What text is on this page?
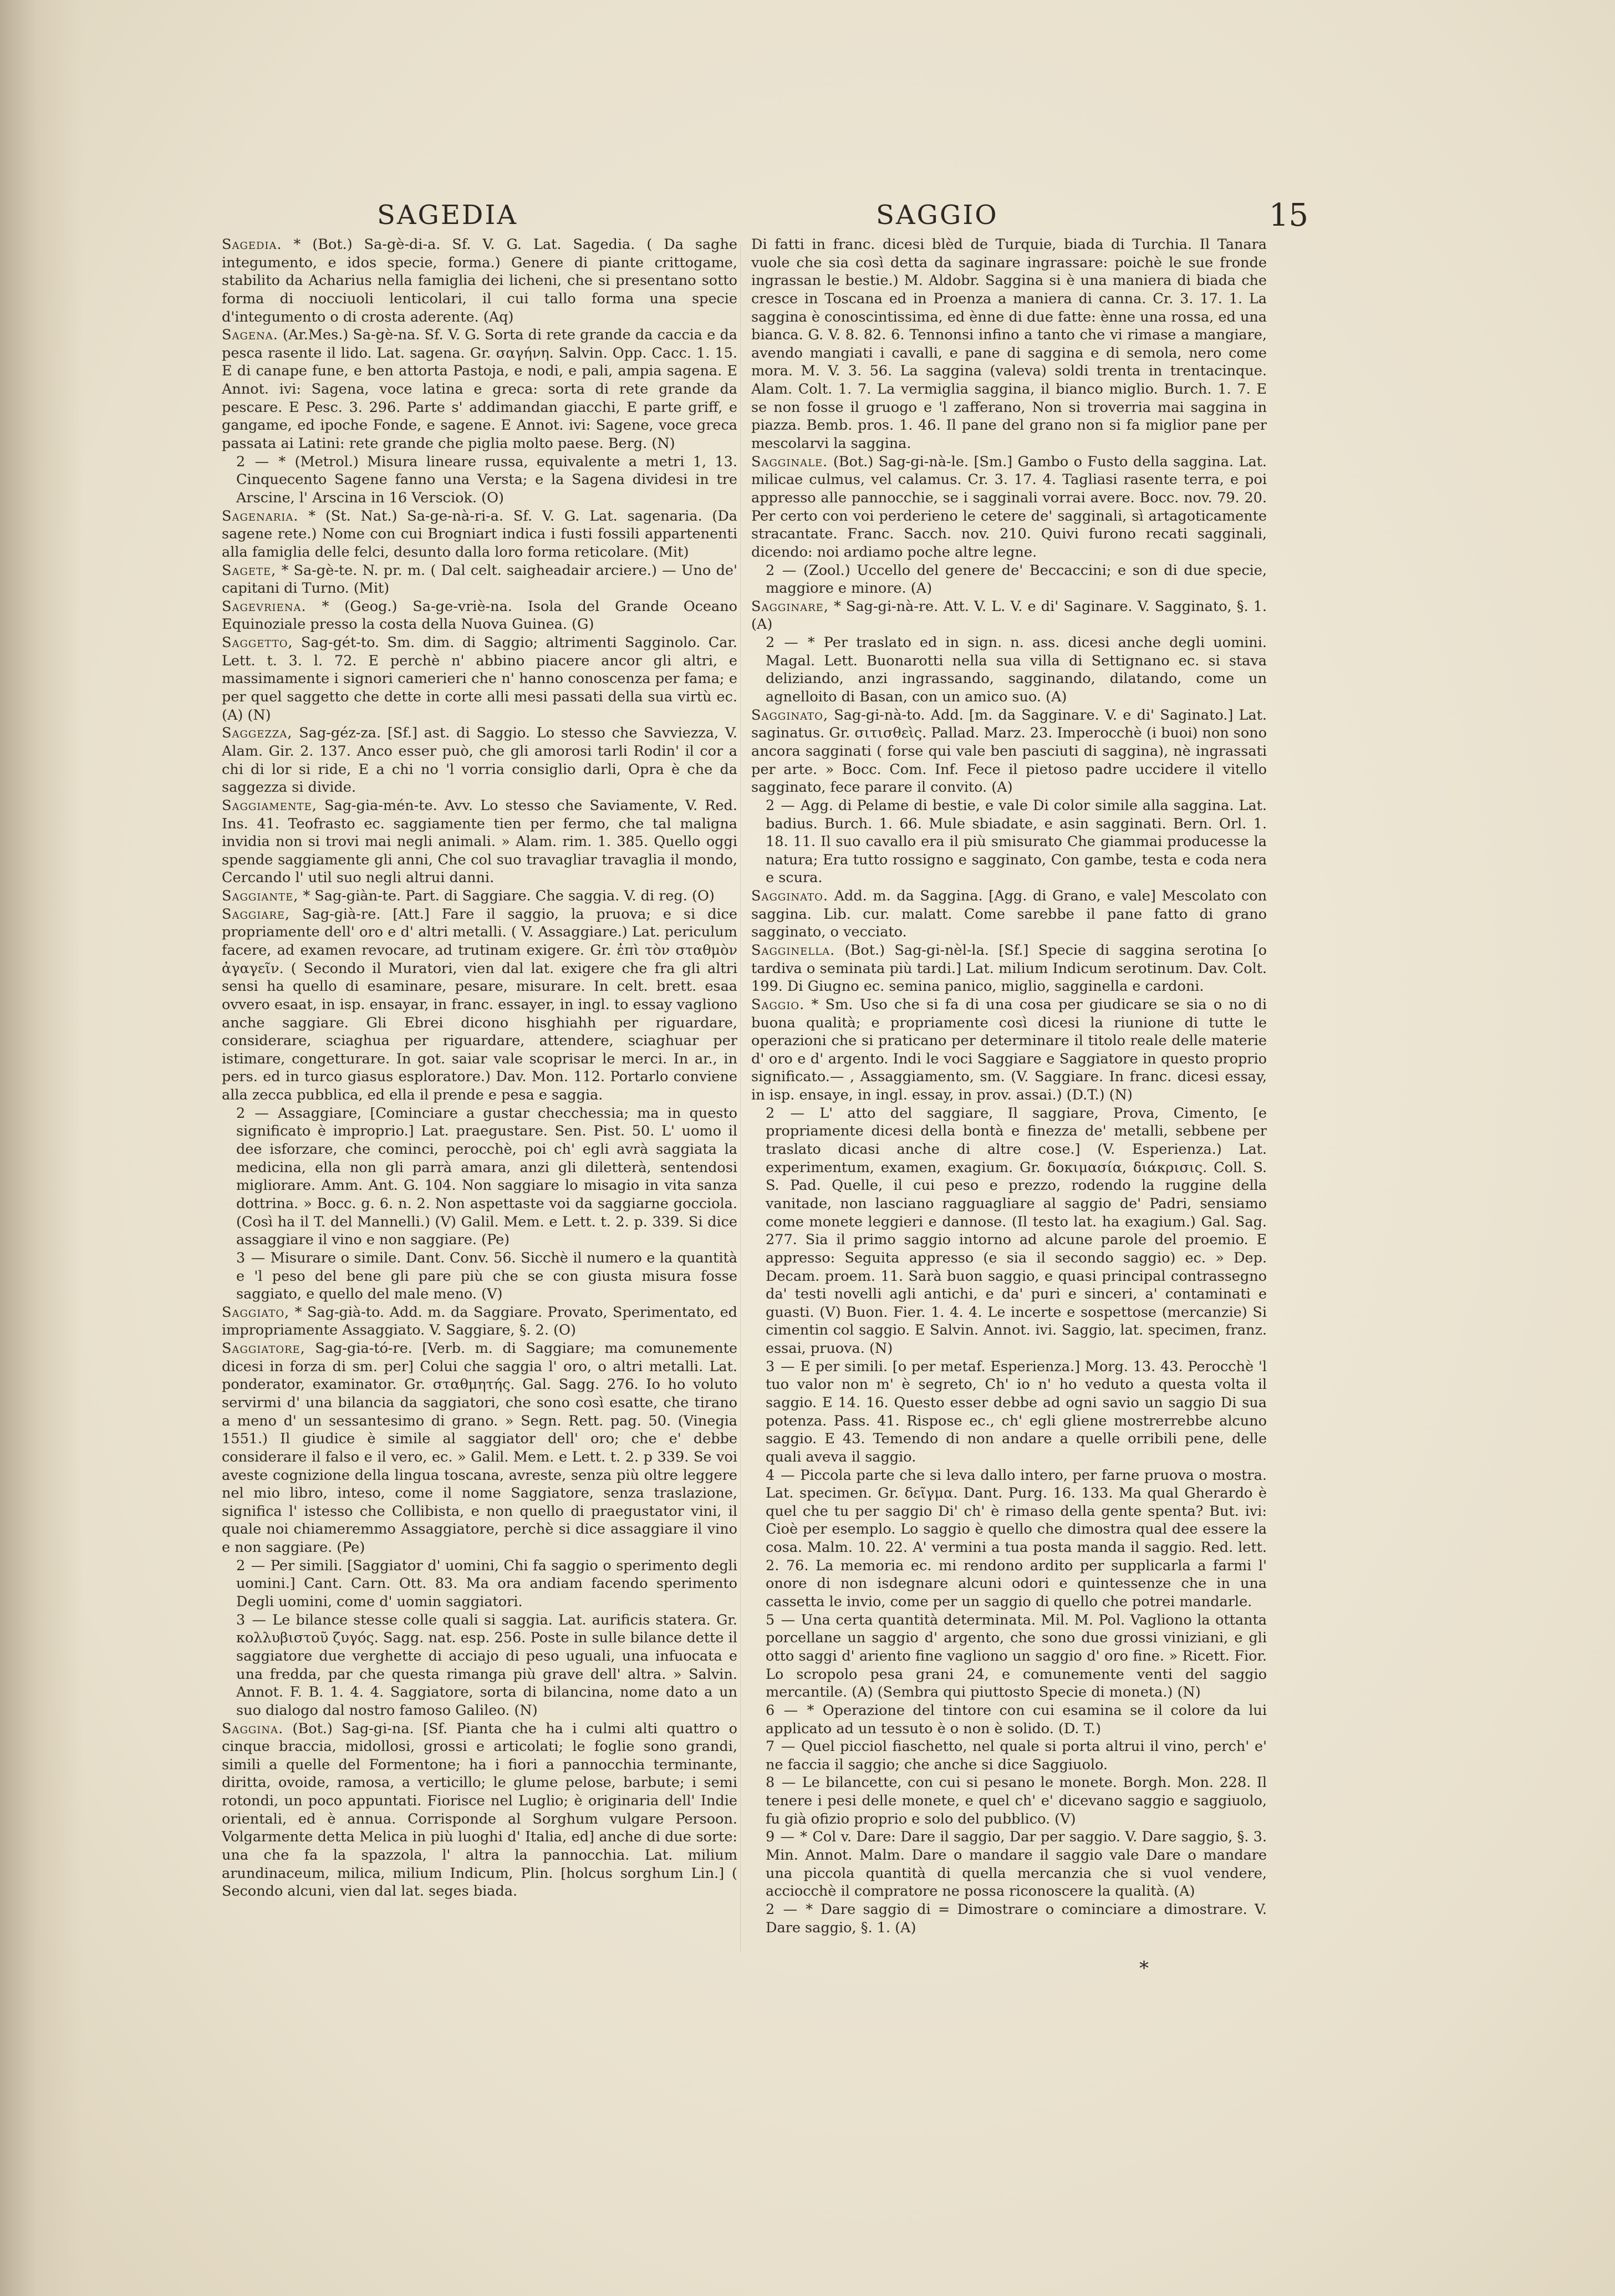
SAGEDIA	SAGGIO	15

Sagedia. * (Bot.) Sa-gè-di-a. Sf. V. G. Lat. Sagedia. ( Da saghe integumento, e idos specie, forma.) Genere di piante crittogame, stabilito da Acharius nella famiglia dei licheni, che si presentano sotto forma di nocciuoli lenticolari, il cui tallo forma una specie d'integumento o di crosta aderente. (Aq)

Sagena. (Ar.Mes.) Sa-gè-na. Sf. V. G. Sorta di rete grande da caccia e da pesca rasente il lido. Lat. sagena. Gr. σαγήνη. Salvin. Opp. Cacc. 1. 15. E di canape fune, e ben attorta Pastoja, e nodi, e pali, ampia sagena. E Annot. ivi: Sagena, voce latina e greca: sorta di rete grande da pescare. E Pesc. 3. 296. Parte s' addimandan giacchi, E parte griff, e gangame, ed ipoche Fonde, e sagene. E Annot. ivi: Sagene, voce greca passata ai Latini: rete grande che piglia molto paese. Berg. (N)

2 — * (Metrol.) Misura lineare russa, equivalente a metri 1, 13. Cinquecento Sagene fanno una Versta; e la Sagena dividesi in tre Arscine, l' Arscina in 16 Versciok. (O)

Sagenaria. * (St. Nat.) Sa-ge-nà-ri-a. Sf. V. G. Lat. sagenaria. (Da sagene rete.) Nome con cui Brogniart indica i fusti fossili appartenenti alla famiglia delle felci, desunto dalla loro forma reticolare. (Mit)

Sagete, * Sa-gè-te. N. pr. m. ( Dal celt. saigheadair arciere.) — Uno de' capitani di Turno. (Mit)

Sagevriena. * (Geog.) Sa-ge-vriè-na. Isola del Grande Oceano Equinoziale presso la costa della Nuova Guinea. (G)

Saggetto, Sag-gét-to. Sm. dim. di Saggio; altrimenti Sagginolo. Car. Lett. t. 3. l. 72. E perchè n' abbino piacere ancor gli altri, e massimamente i signori camerieri che n' hanno conoscenza per fama; e per quel saggetto che dette in corte alli mesi passati della sua virtù ec. (A) (N)

Saggezza, Sag-géz-za. [Sf.] ast. di Saggio. Lo stesso che Savviezza, V. Alam. Gir. 2. 137. Anco esser può, che gli amorosi tarli Rodin' il cor a chi di lor si ride, E a chi no 'l vorria consiglio darli, Opra è che da saggezza si divide.

Saggiamente, Sag-gia-mén-te. Avv. Lo stesso che Saviamente, V. Red. Ins. 41. Teofrasto ec. saggiamente tien per fermo, che tal maligna invidia non si trovi mai negli animali. » Alam. rim. 1. 385. Quello oggi spende saggiamente gli anni, Che col suo travagliar travaglia il mondo, Cercando l' util suo negli altrui danni.

Saggiante, * Sag-giàn-te. Part. di Saggiare. Che saggia. V. di reg. (O)

Saggiare, Sag-già-re. [Att.] Fare il saggio, la pruova; e si dice propriamente dell' oro e d' altri metalli. ( V. Assaggiare.) Lat. periculum facere, ad examen revocare, ad trutinam exigere. Gr. ἐπὶ τὸν σταθμὸν ἀγαγεῖν. ( Secondo il Muratori, vien dal lat. exigere che fra gli altri sensi ha quello di esaminare, pesare, misurare. In celt. brett. esaa ovvero esaat, in isp. ensayar, in franc. essayer, in ingl. to essay vagliono anche saggiare. Gli Ebrei dicono hisghiahh per riguardare, considerare, sciaghua per riguardare, attendere, sciaghuar per istimare, congetturare. In got. saiar vale scoprisar le merci. In ar., in pers. ed in turco giasus esploratore.) Dav. Mon. 112. Portarlo conviene alla zecca pubblica, ed ella il prende e pesa e saggia.

2 — Assaggiare, [Cominciare a gustar checchessia; ma in questo significato è improprio.] Lat. praegustare. Sen. Pist. 50. L' uomo il dee isforzare, che cominci, perocchè, poi ch' egli avrà saggiata la medicina, ella non gli parrà amara, anzi gli diletterà, sentendosi migliorare. Amm. Ant. G. 104. Non saggiare lo misagio in vita sanza dottrina. » Bocc. g. 6. n. 2. Non aspettaste voi da saggiarne gocciola. (Così ha il T. del Mannelli.) (V) Galil. Mem. e Lett. t. 2. p. 339. Si dice assaggiare il vino e non saggiare. (Pe)

3 — Misurare o simile. Dant. Conv. 56. Sicchè il numero e la quantità e 'l peso del bene gli pare più che se con giusta misura fosse saggiato, e quello del male meno. (V)

Saggiato, * Sag-già-to. Add. m. da Saggiare. Provato, Sperimentato, ed impropriamente Assaggiato. V. Saggiare, §. 2. (O)

Saggiatore, Sag-gia-tó-re. [Verb. m. di Saggiare; ma comunemente dicesi in forza di sm. per] Colui che saggia l' oro, o altri metalli. Lat. ponderator, examinator. Gr. σταθμητής. Gal. Sagg. 276. Io ho voluto servirmi d' una bilancia da saggiatori, che sono così esatte, che tirano a meno d' un sessantesimo di grano. » Segn. Rett. pag. 50. (Vinegia 1551.) Il giudice è simile al saggiator dell' oro; che e' debbe considerare il falso e il vero, ec. » Galil. Mem. e Lett. t. 2. p 339. Se voi aveste cognizione della lingua toscana, avreste, senza più oltre leggere nel mio libro, inteso, come il nome Saggiatore, senza traslazione, significa l' istesso che Collibista, e non quello di praegustator vini, il quale noi chiameremmo Assaggiatore, perchè si dice assaggiare il vino e non saggiare. (Pe)

2 — Per simili. [Saggiator d' uomini, Chi fa saggio o sperimento degli uomini.] Cant. Carn. Ott. 83. Ma ora andiam facendo sperimento Degli uomini, come d' uomin saggiatori.

3 — Le bilance stesse colle quali si saggia. Lat. aurificis statera. Gr. κολλυβιστοῦ ζυγός. Sagg. nat. esp. 256. Poste in sulle bilance dette il saggiatore due verghette di acciajo di peso uguali, una infuocata e una fredda, par che questa rimanga più grave dell' altra. » Salvin. Annot. F. B. 1. 4. 4. Saggiatore, sorta di bilancina, nome dato a un suo dialogo dal nostro famoso Galileo. (N)

Saggina. (Bot.) Sag-gi-na. [Sf. Pianta che ha i culmi alti quattro o cinque braccia, midollosi, grossi e articolati; le foglie sono grandi, simili a quelle del Formentone; ha i fiori a pannocchia terminante, diritta, ovoide, ramosa, a verticillo; le glume pelose, barbute; i semi rotondi, un poco appuntati. Fiorisce nel Luglio; è originaria dell' Indie orientali, ed è annua. Corrisponde al Sorghum vulgare Persoon. Volgarmente detta Melica in più luoghi d' Italia, ed] anche di due sorte: una che fa la spazzola, l' altra la pannocchia. Lat. milium arundinaceum, milica, milium Indicum, Plin. [holcus sorghum Lin.] ( Secondo alcuni, vien dal lat. seges biada.

Di fatti in franc. dicesi blèd de Turquie, biada di Turchia. Il Tanara vuole che sia così detta da saginare ingrassare: poichè le sue fronde ingrassan le bestie.) M. Aldobr. Saggina si è una maniera di biada che cresce in Toscana ed in Proenza a maniera di canna. Cr. 3. 17. 1. La saggina è conoscintissima, ed ènne di due fatte: ènne una rossa, ed una bianca. G. V. 8. 82. 6. Tennonsi infino a tanto che vi rimase a mangiare, avendo mangiati i cavalli, e pane di saggina e di semola, nero come mora. M. V. 3. 56. La saggina (valeva) soldi trenta in trentacinque. Alam. Colt. 1. 7. La vermiglia saggina, il bianco miglio. Burch. 1. 7. E se non fosse il gruogo e 'l zafferano, Non si troverria mai saggina in piazza. Bemb. pros. 1. 46. Il pane del grano non si fa miglior pane per mescolarvi la saggina.

Sagginale. (Bot.) Sag-gi-nà-le. [Sm.] Gambo o Fusto della saggina. Lat. milicae culmus, vel calamus. Cr. 3. 17. 4. Tagliasi rasente terra, e poi appresso alle pannocchie, se i sagginali vorrai avere. Bocc. nov. 79. 20. Per certo con voi perderieno le cetere de' sagginali, sì artagoticamente stracantate. Franc. Sacch. nov. 210. Quivi furono recati sagginali, dicendo: noi ardiamo poche altre legne.

2 — (Zool.) Uccello del genere de' Beccaccini; e son di due specie, maggiore e minore. (A)

Sagginare, * Sag-gi-nà-re. Att. V. L. V. e di' Saginare. V. Sagginato, §. 1. (A)

2 — * Per traslato ed in sign. n. ass. dicesi anche degli uomini. Magal. Lett. Buonarotti nella sua villa di Settignano ec. si stava deliziando, anzi ingrassando, sagginando, dilatando, come un agnelloito di Basan, con un amico suo. (A)

Sagginato, Sag-gi-nà-to. Add. [m. da Sagginare. V. e di' Saginato.] Lat. saginatus. Gr. σιτισθεὶς. Pallad. Marz. 23. Imperocchè (i buoi) non sono ancora sagginati ( forse qui vale ben pasciuti di saggina), nè ingrassati per arte. » Bocc. Com. Inf. Fece il pietoso padre uccidere il vitello sagginato, fece parare il convito. (A)

2 — Agg. di Pelame di bestie, e vale Di color simile alla saggina. Lat. badius. Burch. 1. 66. Mule sbiadate, e asin sagginati. Bern. Orl. 1. 18. 11. Il suo cavallo era il più smisurato Che giammai producesse la natura; Era tutto rossigno e sagginato, Con gambe, testa e coda nera e scura.

Sagginato. Add. m. da Saggina. [Agg. di Grano, e vale] Mescolato con saggina. Lib. cur. malatt. Come sarebbe il pane fatto di grano sagginato, o vecciato.

Sagginella. (Bot.) Sag-gi-nèl-la. [Sf.] Specie di saggina serotina [o tardiva o seminata più tardi.] Lat. milium Indicum serotinum. Dav. Colt. 199. Di Giugno ec. semina panico, miglio, sagginella e cardoni.

Saggio. * Sm. Uso che si fa di una cosa per giudicare se sia o no di buona qualità; e propriamente così dicesi la riunione di tutte le operazioni che si praticano per determinare il titolo reale delle materie d' oro e d' argento. Indi le voci Saggiare e Saggiatore in questo proprio significato.— , Assaggiamento, sm. (V. Saggiare. In franc. dicesi essay, in isp. ensaye, in ingl. essay, in prov. assai.) (D.T.) (N)

2 — L' atto del saggiare, Il saggiare, Prova, Cimento, [e propriamente dicesi della bontà e finezza de' metalli, sebbene per traslato dicasi anche di altre cose.] (V. Esperienza.) Lat. experimentum, examen, exagium. Gr. δοκιμασία, διάκρισις. Coll. S. S. Pad. Quelle, il cui peso e prezzo, rodendo la ruggine della vanitade, non lasciano ragguagliare al saggio de' Padri, sensiamo come monete leggieri e dannose. (Il testo lat. ha exagium.) Gal. Sag. 277. Sia il primo saggio intorno ad alcune parole del proemio. E appresso: Seguita appresso (e sia il secondo saggio) ec. » Dep. Decam. proem. 11. Sarà buon saggio, e quasi principal contrassegno da' testi novelli agli antichi, e da' puri e sinceri, a' contaminati e guasti. (V) Buon. Fier. 1. 4. 4. Le incerte e sospettose (mercanzie) Si cimentin col saggio. E Salvin. Annot. ivi. Saggio, lat. specimen, franz. essai, pruova. (N)

3 — E per simili. [o per metaf. Esperienza.] Morg. 13. 43. Perocchè 'l tuo valor non m' è segreto, Ch' io n' ho veduto a questa volta il saggio. E 14. 16. Questo esser debbe ad ogni savio un saggio Di sua potenza. Pass. 41. Rispose ec., ch' egli gliene mostrerrebbe alcuno saggio. E 43. Temendo di non andare a quelle orribili pene, delle quali aveva il saggio.

4 — Piccola parte che si leva dallo intero, per farne pruova o mostra. Lat. specimen. Gr. δεῖγμα. Dant. Purg. 16. 133. Ma qual Gherardo è quel che tu per saggio Di' ch' è rimaso della gente spenta? But. ivi: Cioè per esemplo. Lo saggio è quello che dimostra qual dee essere la cosa. Malm. 10. 22. A' vermini a tua posta manda il saggio. Red. lett. 2. 76. La memoria ec. mi rendono ardito per supplicarla a farmi l' onore di non isdegnare alcuni odori e quintessenze che in una cassetta le invio, come per un saggio di quello che potrei mandarle.

5 — Una certa quantità determinata. Mil. M. Pol. Vagliono la ottanta porcellane un saggio d' argento, che sono due grossi viniziani, e gli otto saggi d' ariento fine vagliono un saggio d' oro fine. » Ricett. Fior. Lo scropolo pesa grani 24, e comunemente venti del saggio mercantile. (A) (Sembra qui piuttosto Specie di moneta.) (N)

6 — * Operazione del tintore con cui esamina se il colore da lui applicato ad un tessuto è o non è solido. (D. T.)

7 — Quel picciol fiaschetto, nel quale si porta altrui il vino, perch' e' ne faccia il saggio; che anche si dice Saggiuolo.

8 — Le bilancette, con cui si pesano le monete. Borgh. Mon. 228. Il tenere i pesi delle monete, e quel ch' e' dicevano saggio e saggiuolo, fu già ofizio proprio e solo del pubblico. (V)

9 — * Col v. Dare: Dare il saggio, Dar per saggio. V. Dare saggio, §. 3. Min. Annot. Malm. Dare o mandare il saggio vale Dare o mandare una piccola quantità di quella mercanzia che si vuol vendere, acciocchè il compratore ne possa riconoscere la qualità. (A)

2 — * Dare saggio di = Dimostrare o cominciare a dimostrare. V. Dare saggio, §. 1. (A)

*
